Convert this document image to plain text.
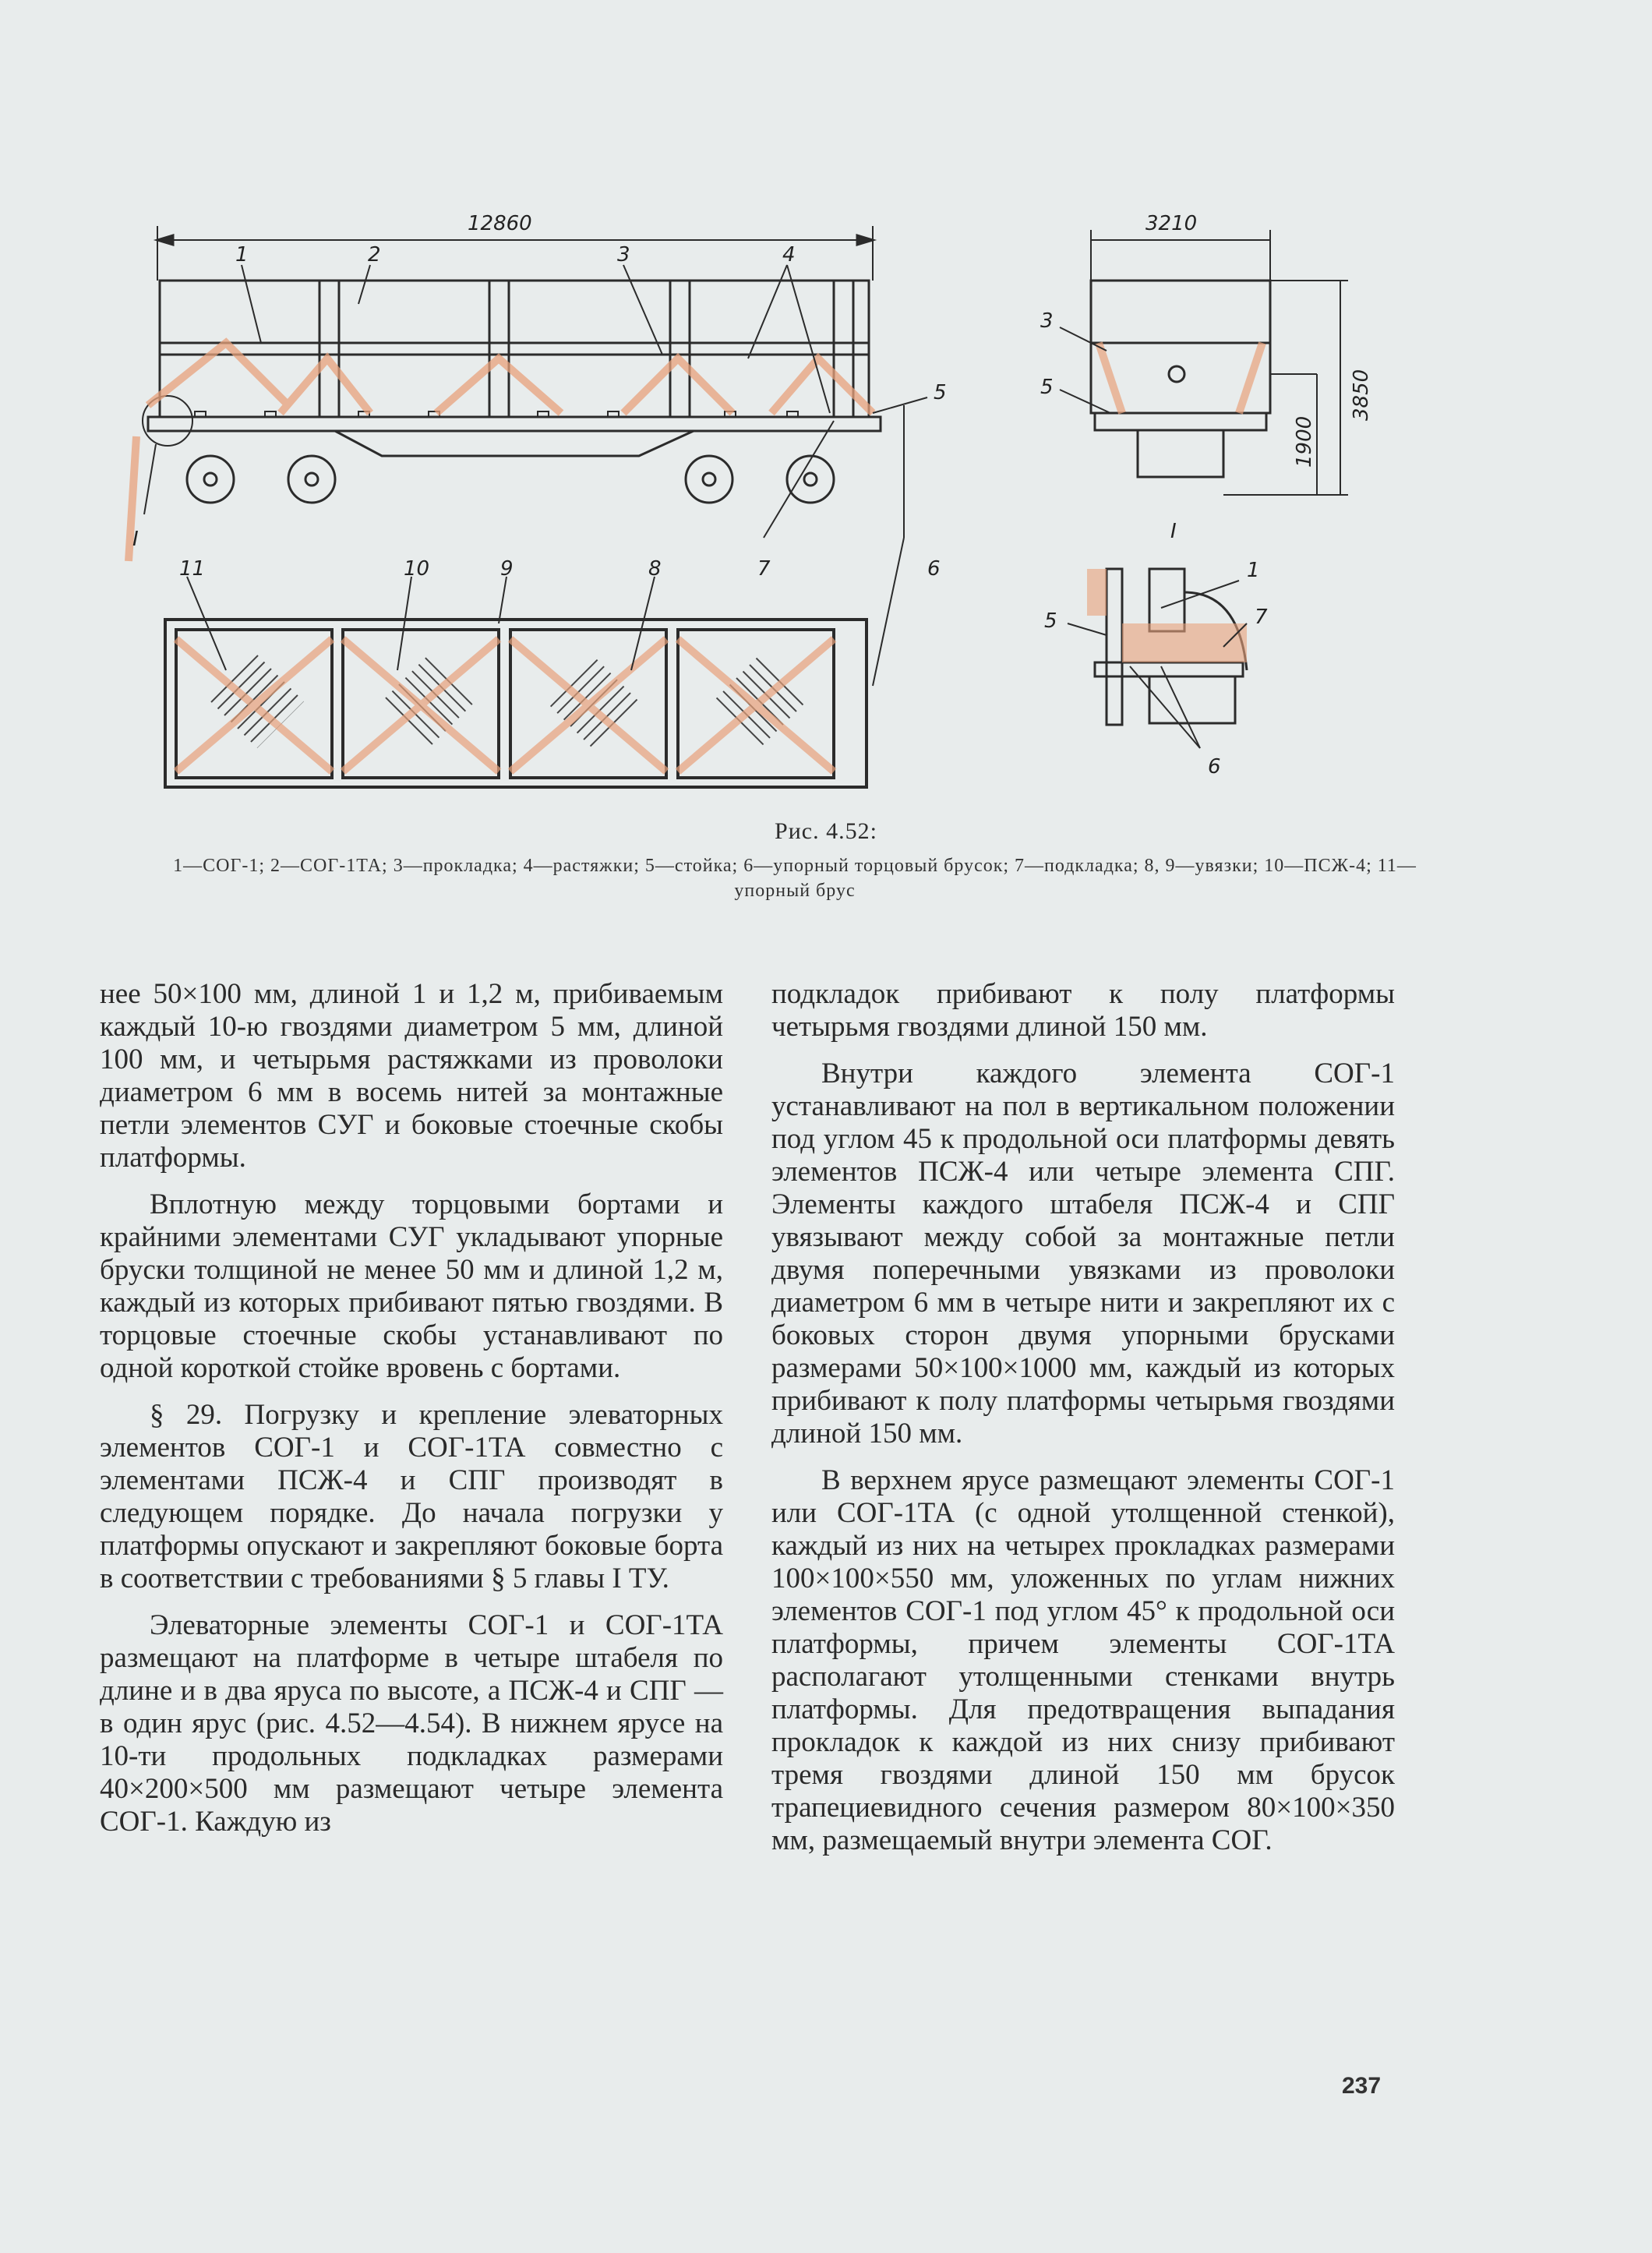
12860
1	2	3	4
5
I
11	10	9	8	7	6
3210
3850
1900
3
5
I
1
7
5
6
Рис. 4.52:
1—СОГ-1; 2—СОГ-1ТА; 3—прокладка; 4—растяжки; 5—стойка; 6—упорный торцовый брусок; 7—подкладка; 8, 9—увязки; 10—ПСЖ-4; 11—упорный брус

нее 50×100 мм, длиной 1 и 1,2 м, прибиваемым каждый 10-ю гвоздями диаметром 5 мм, длиной 100 мм, и четырьмя растяжками из проволоки диаметром 6 мм в восемь нитей за монтажные петли элементов СУГ и боковые стоечные скобы платформы.

Вплотную между торцовыми бортами и крайними элементами СУГ укладывают упорные бруски толщиной не менее 50 мм и длиной 1,2 м, каждый из которых прибивают пятью гвоздями. В торцовые стоечные скобы устанавливают по одной короткой стойке вровень с бортами.

§ 29. Погрузку и крепление элеваторных элементов СОГ-1 и СОГ-1ТА совместно с элементами ПСЖ-4 и СПГ производят в следующем порядке. До начала погрузки у платформы опускают и закрепляют боковые борта в соответствии с требованиями § 5 главы I ТУ.

Элеваторные элементы СОГ-1 и СОГ-1ТА размещают на платформе в четыре штабеля по длине и в два яруса по высоте, а ПСЖ-4 и СПГ — в один ярус (рис. 4.52—4.54). В нижнем ярусе на 10-ти продольных подкладках размерами 40×200×500 мм размещают четыре элемента СОГ-1. Каждую из

подкладок прибивают к полу платформы четырьмя гвоздями длиной 150 мм.

Внутри каждого элемента СОГ-1 устанавливают на пол в вертикальном положении под углом 45 к продольной оси платформы девять элементов ПСЖ-4 или четыре элемента СПГ. Элементы каждого штабеля ПСЖ-4 и СПГ увязывают между собой за монтажные петли двумя поперечными увязками из проволоки диаметром 6 мм в четыре нити и закрепляют их с боковых сторон двумя упорными брусками размерами 50×100×1000 мм, каждый из которых прибивают к полу платформы четырьмя гвоздями длиной 150 мм.

В верхнем ярусе размещают элементы СОГ-1 или СОГ-1ТА (с одной утолщенной стенкой), каждый из них на четырех прокладках размерами 100×100×550 мм, уложенных по углам нижних элементов СОГ-1 под углом 45° к продольной оси платформы, причем элементы СОГ-1ТА располагают утолщенными стенками внутрь платформы. Для предотвращения выпадания прокладок к каждой из них снизу прибивают тремя гвоздями длиной 150 мм брусок трапециевидного сечения размером 80×100×350 мм, размещаемый внутри элемента СОГ.

237
